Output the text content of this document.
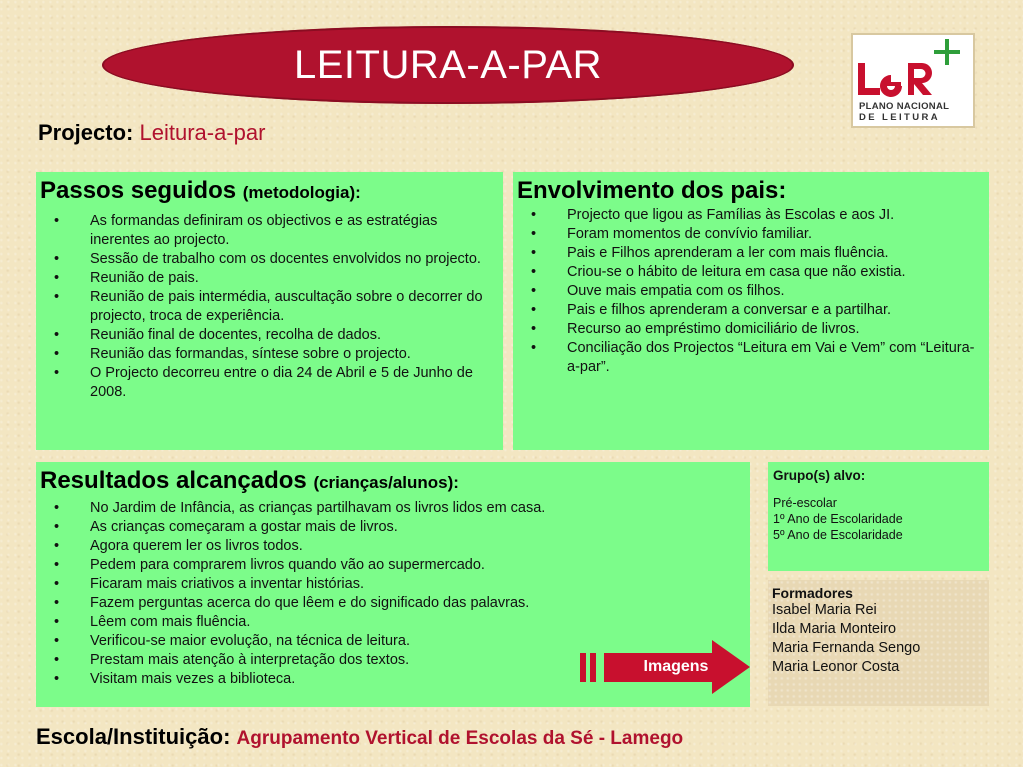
LEITURA-A-PAR
PLANO NACIONAL
DE LEITURA
Projecto: Leitura-a-par
Passos seguidos (metodologia):
• As formandas definiram os objectivos e as estratégias inerentes ao projecto.
• Sessão de trabalho com os docentes envolvidos no projecto.
• Reunião de pais.
• Reunião de pais intermédia, auscultação sobre o decorrer do projecto, troca de experiência.
• Reunião final de docentes, recolha de dados.
• Reunião das formandas, síntese sobre o projecto.
• O Projecto decorreu entre o dia 24 de Abril e 5 de Junho de 2008.
Envolvimento dos pais:
• Projecto que ligou as Famílias às Escolas e aos JI.
• Foram momentos de convívio familiar.
• Pais e Filhos aprenderam a ler com mais fluência.
• Criou-se o hábito de leitura em casa que não existia.
• Ouve mais empatia com os filhos.
• Pais e filhos aprenderam a conversar e a partilhar.
• Recurso ao empréstimo domiciliário de livros.
• Conciliação dos Projectos “Leitura em Vai e Vem” com “Leitura-a-par”.
Resultados alcançados (crianças/alunos):
• No Jardim de Infância, as crianças partilhavam os livros lidos em casa.
• As crianças começaram a gostar mais de livros.
• Agora querem ler os livros todos.
• Pedem para comprarem livros quando vão ao supermercado.
• Ficaram mais criativos a inventar histórias.
• Fazem perguntas acerca do que lêem e do significado das palavras.
• Lêem com mais fluência.
• Verificou-se maior evolução, na técnica de leitura.
• Prestam mais atenção à interpretação dos textos.
• Visitam mais vezes a biblioteca.
Grupo(s) alvo:
Pré-escolar
1º Ano de Escolaridade
5º Ano de Escolaridade
Formadores
Isabel Maria Rei
Ilda Maria Monteiro
Maria Fernanda Sengo
Maria Leonor Costa
Imagens
Escola/Instituição: Agrupamento Vertical de Escolas da Sé - Lamego
